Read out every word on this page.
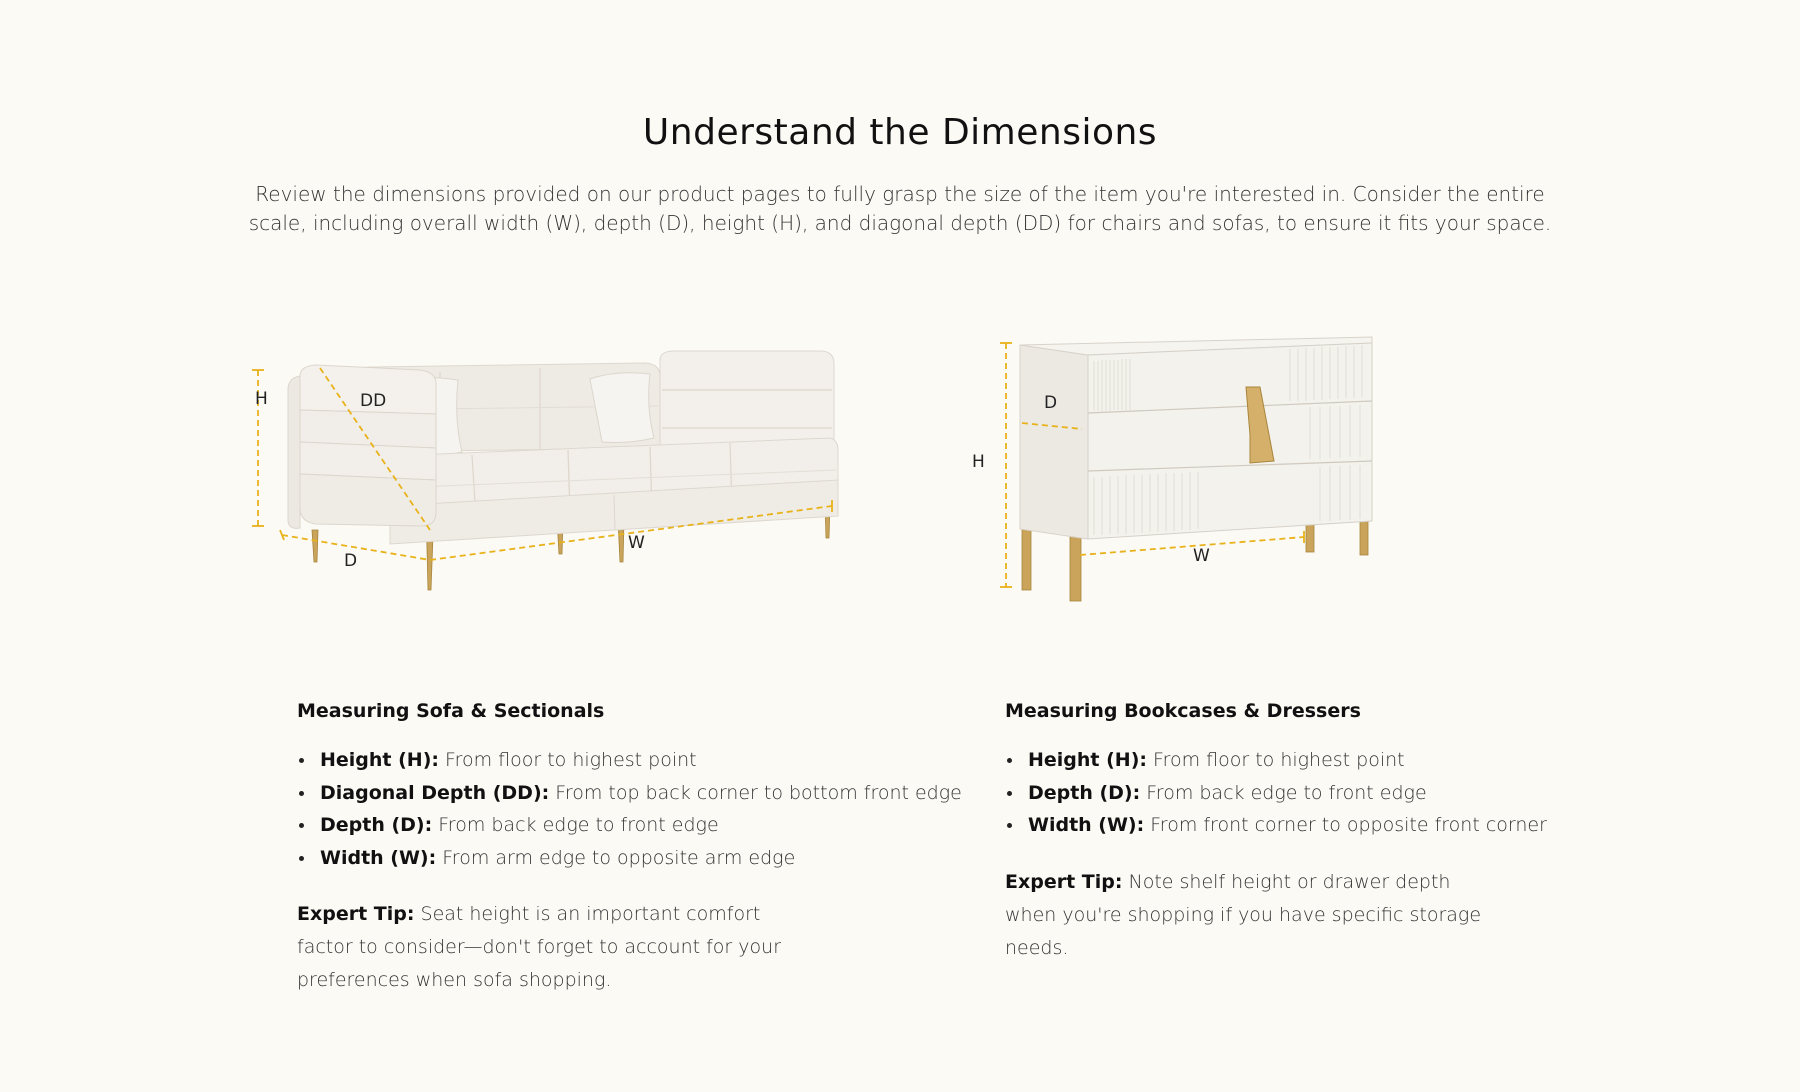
Understand the Dimensions

Review the dimensions provided on our product pages to fully grasp the size of the item you're interested in. Consider the entire scale, including overall width (W), depth (D), height (H), and diagonal depth (DD) for chairs and sofas, to ensure it fits your space.

H	DD
D
W
D
H
W
Measuring Sofa & Sectionals
Height (H): From floor to highest point
Diagonal Depth (DD): From top back corner to bottom front edge
Depth (D): From back edge to front edge
Width (W): From arm edge to opposite arm edge

Expert Tip: Seat height is an important comfort factor to consider—don't forget to account for your preferences when sofa shopping.

Measuring Bookcases & Dressers
Height (H): From floor to highest point
Depth (D): From back edge to front edge
Width (W): From front corner to opposite front corner

Expert Tip: Note shelf height or drawer depth when you're shopping if you have specific storage needs.
